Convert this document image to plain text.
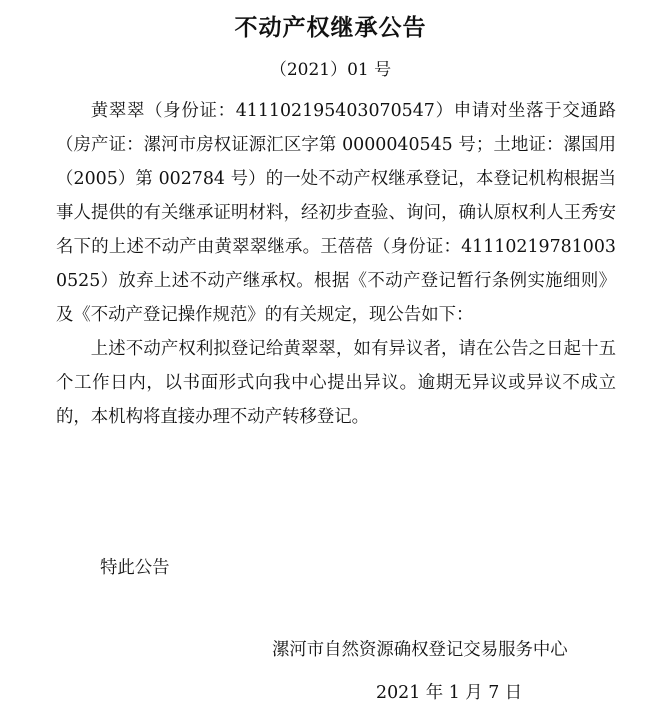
不动产权继承公告
（2021）01 号

黄翠翠（身份证：411102195403070547）申请对坐落于交通路（房产证：漯河市房权证源汇区字第 0000040545 号；土地证：漯国用（2005）第 002784 号）的一处不动产权继承登记，本登记机构根据当事人提供的有关继承证明材料，经初步查验、询问，确认原权利人王秀安名下的上述不动产由黄翠翠继承。王蓓蓓（身份证：411102197810030525）放弃上述不动产继承权。根据《不动产登记暂行条例实施细则》及《不动产登记操作规范》的有关规定，现公告如下：

上述不动产权利拟登记给黄翠翠，如有异议者，请在公告之日起十五个工作日内，以书面形式向我中心提出异议。逾期无异议或异议不成立的，本机构将直接办理不动产转移登记。

特此公告
漯河市自然资源确权登记交易服务中心
2021 年 1 月 7 日
